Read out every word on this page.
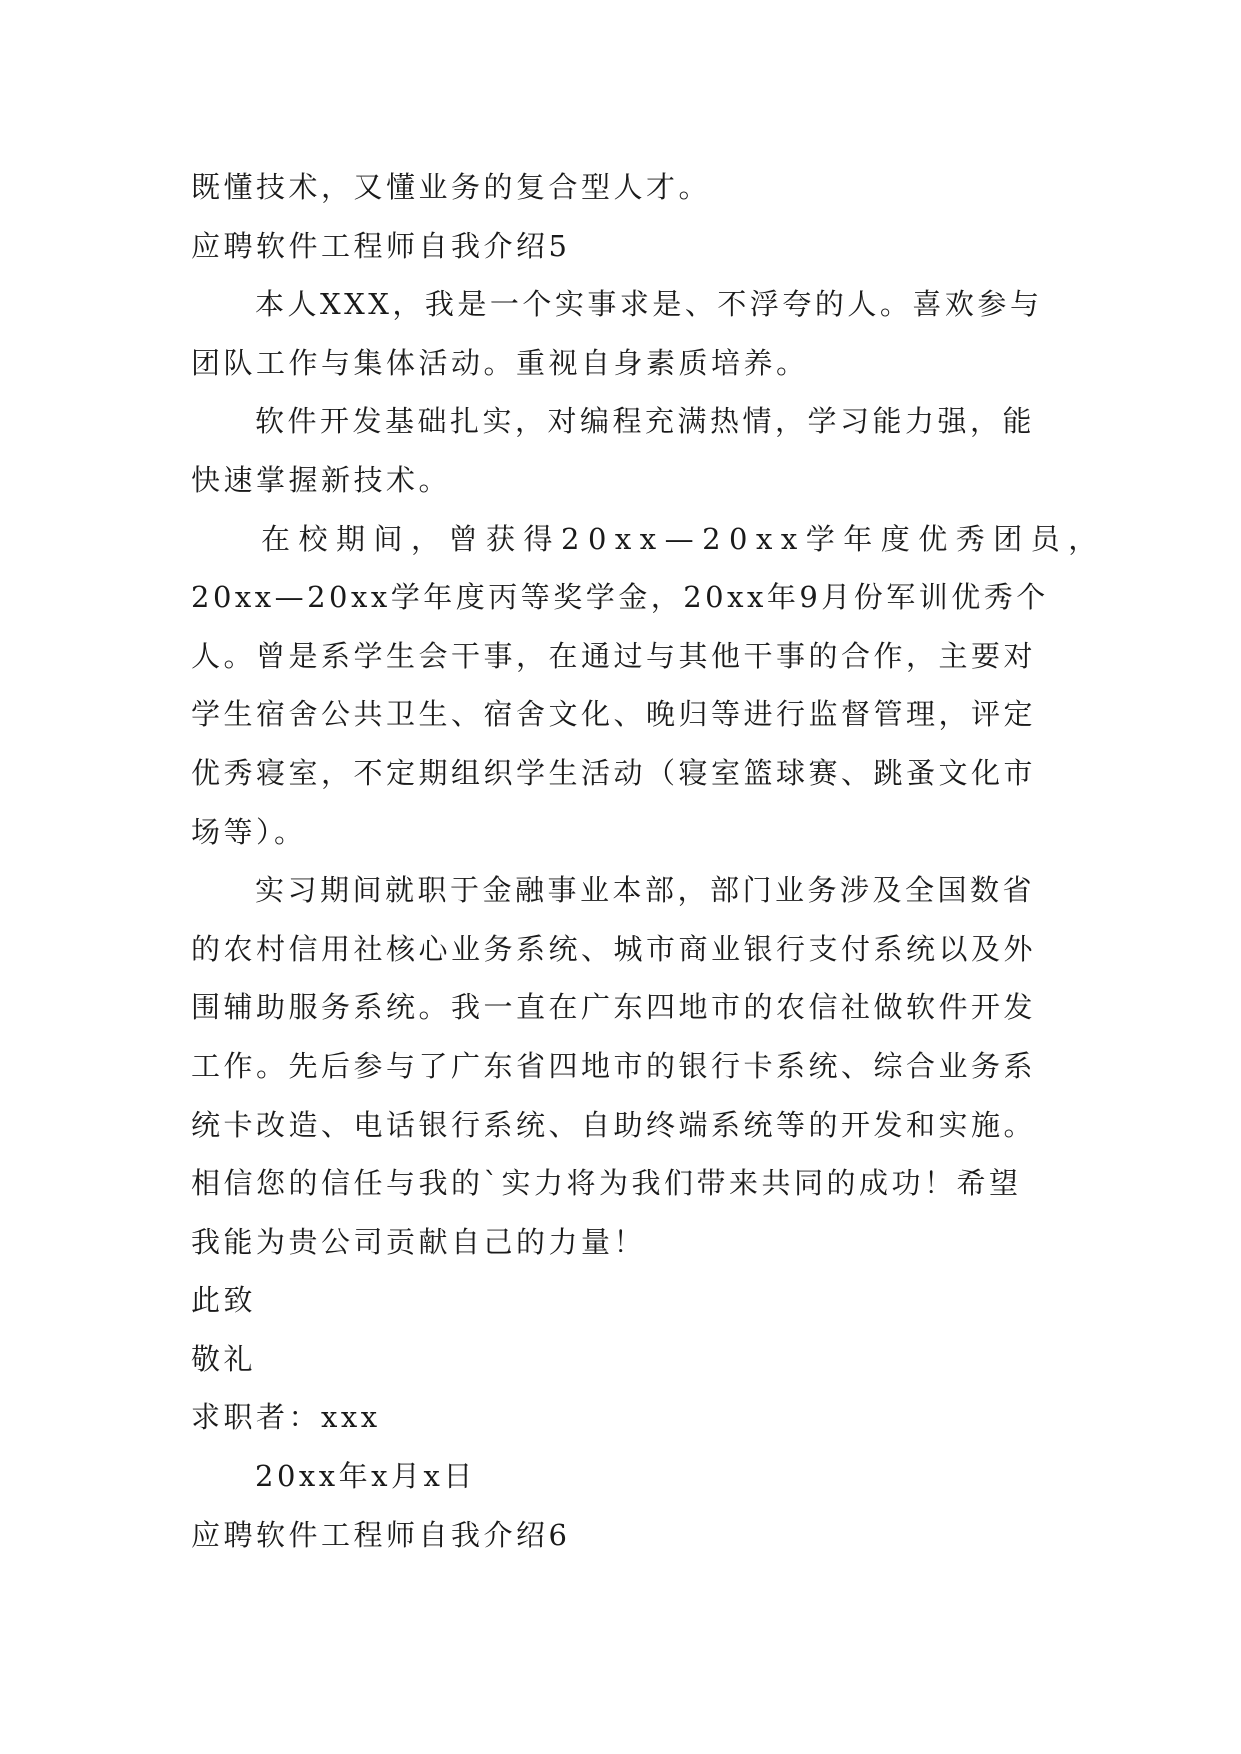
既懂技术，又懂业务的复合型人才。
应聘软件工程师自我介绍5
本人XXX，我是一个实事求是、不浮夸的人。喜欢参与
团队工作与集体活动。重视自身素质培养。
软件开发基础扎实，对编程充满热情，学习能力强，能
快速掌握新技术。
在校期间，曾获得20xx—20xx学年度优秀团员，
20xx—20xx学年度丙等奖学金，20xx年9月份军训优秀个
人。曾是系学生会干事，在通过与其他干事的合作，主要对
学生宿舍公共卫生、宿舍文化、晚归等进行监督管理，评定
优秀寝室，不定期组织学生活动（寝室篮球赛、跳蚤文化市
场等）。
实习期间就职于金融事业本部，部门业务涉及全国数省
的农村信用社核心业务系统、城市商业银行支付系统以及外
围辅助服务系统。我一直在广东四地市的农信社做软件开发
工作。先后参与了广东省四地市的银行卡系统、综合业务系
统卡改造、电话银行系统、自助终端系统等的开发和实施。
相信您的信任与我的`实力将为我们带来共同的成功！希望
我能为贵公司贡献自己的力量！
此致
敬礼
求职者：xxx
20xx年x月x日
应聘软件工程师自我介绍6
